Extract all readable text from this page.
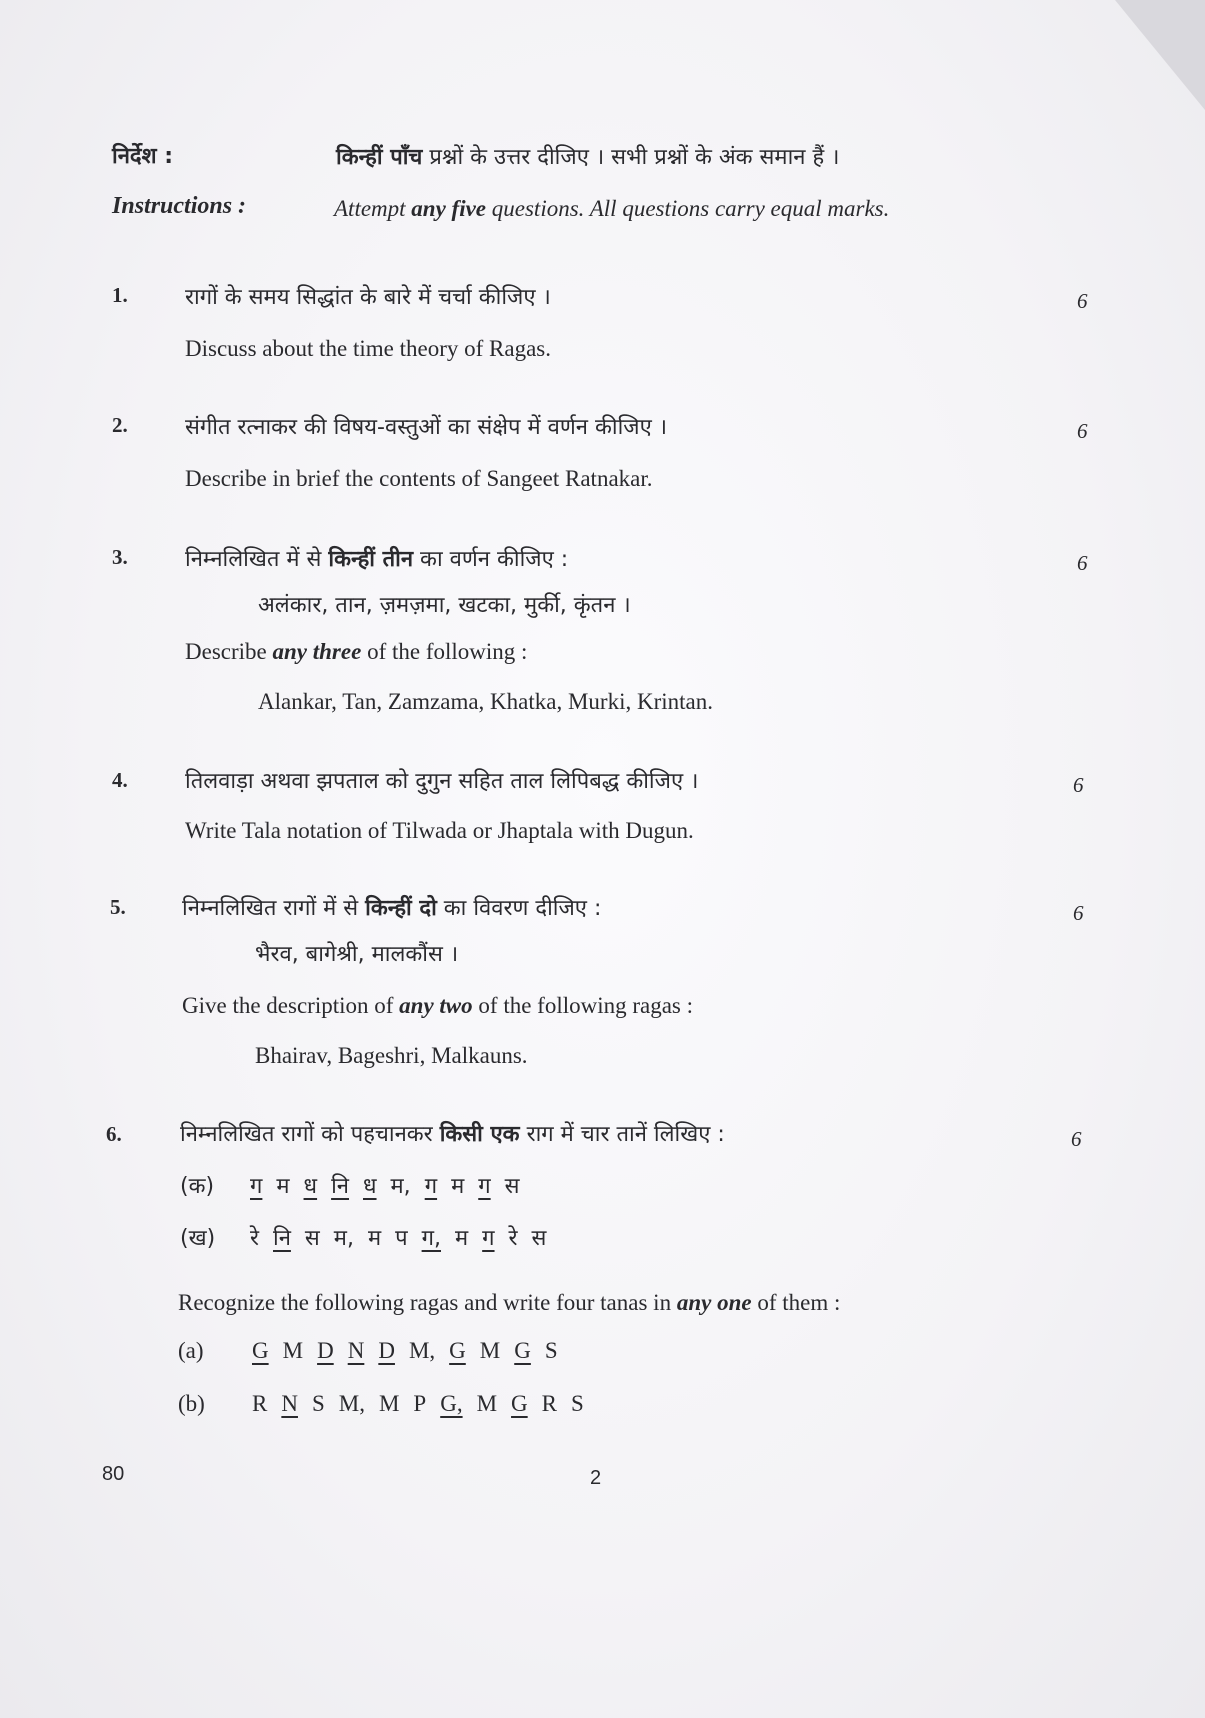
निर्देश :	किन्हीं पाँच प्रश्नों के उत्तर दीजिए । सभी प्रश्नों के अंक समान हैं ।
Instructions :	Attempt any five questions. All questions carry equal marks.
1.	रागों के समय सिद्धांत के बारे में चर्चा कीजिए ।	6
Discuss about the time theory of Ragas.
2.	संगीत रत्नाकर की विषय-वस्तुओं का संक्षेप में वर्णन कीजिए ।	6
Describe in brief the contents of Sangeet Ratnakar.
3.	निम्नलिखित में से किन्हीं तीन का वर्णन कीजिए :	6
अलंकार, तान, ज़मज़मा, खटका, मुर्की, कृंतन ।
Describe any three of the following :
Alankar, Tan, Zamzama, Khatka, Murki, Krintan.
4.	तिलवाड़ा अथवा झपताल को दुगुन सहित ताल लिपिबद्ध कीजिए ।	6
Write Tala notation of Tilwada or Jhaptala with Dugun.
5.	निम्नलिखित रागों में से किन्हीं दो का विवरण दीजिए :	6
भैरव, बागेश्री, मालकौंस ।
Give the description of any two of the following ragas :
Bhairav, Bageshri, Malkauns.
6.	निम्नलिखित रागों को पहचानकर किसी एक राग में चार तानें लिखिए :	6
(क) ग म ध नि ध म, ग म ग स
(ख) रे नि स म, म प ग, म ग रे स
Recognize the following ragas and write four tanas in any one of them :
(a) G M D N D M, G M G S
(b) R N S M, M P G, M G R S
80	2
